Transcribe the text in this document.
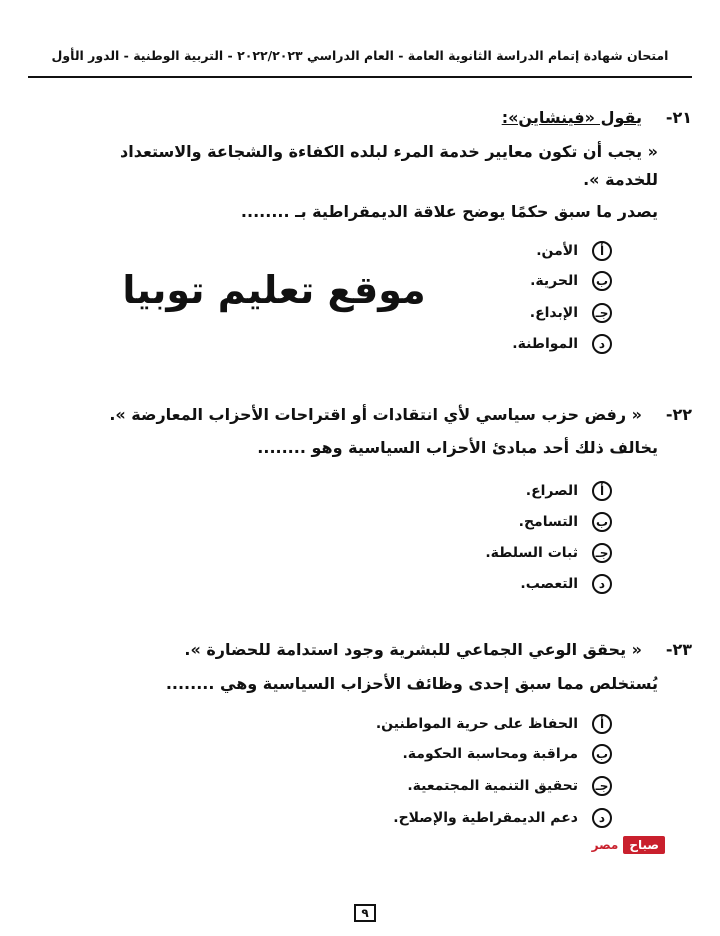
امتحان شهادة إتمام الدراسة الثانوية العامة - العام الدراسي ٢٠٢٢/٢٠٢٣ - التربية الوطنية - الدور الأول
٢١-
يقول «فينشاين»:
« يجب أن تكون معايير خدمة المرء لبلده الكفاءة والشجاعة والاستعداد
للخدمة ».
يصدر ما سبق حكمًا يوضح علاقة الديمقراطية بـ ........
أ
الأمن.
ب
الحرية.
جـ
الإبداع.
د
المواطنة.
موقع تعليم توبيا
٢٢-
« رفض حزب سياسي لأي انتقادات أو اقتراحات الأحزاب المعارضة ».
يخالف ذلك أحد مبادئ الأحزاب السياسية وهو ........
أ
الصراع.
ب
التسامح.
جـ
ثبات السلطة.
د
التعصب.
٢٣-
« يحقق الوعي الجماعي للبشرية وجود استدامة للحضارة ».
يُستخلص مما سبق إحدى وظائف الأحزاب السياسية وهي ........
أ
الحفاظ على حرية المواطنين.
ب
مراقبة ومحاسبة الحكومة.
جـ
تحقيق التنمية المجتمعية.
د
دعم الديمقراطية والإصلاح.
صباح
مصر
٩
